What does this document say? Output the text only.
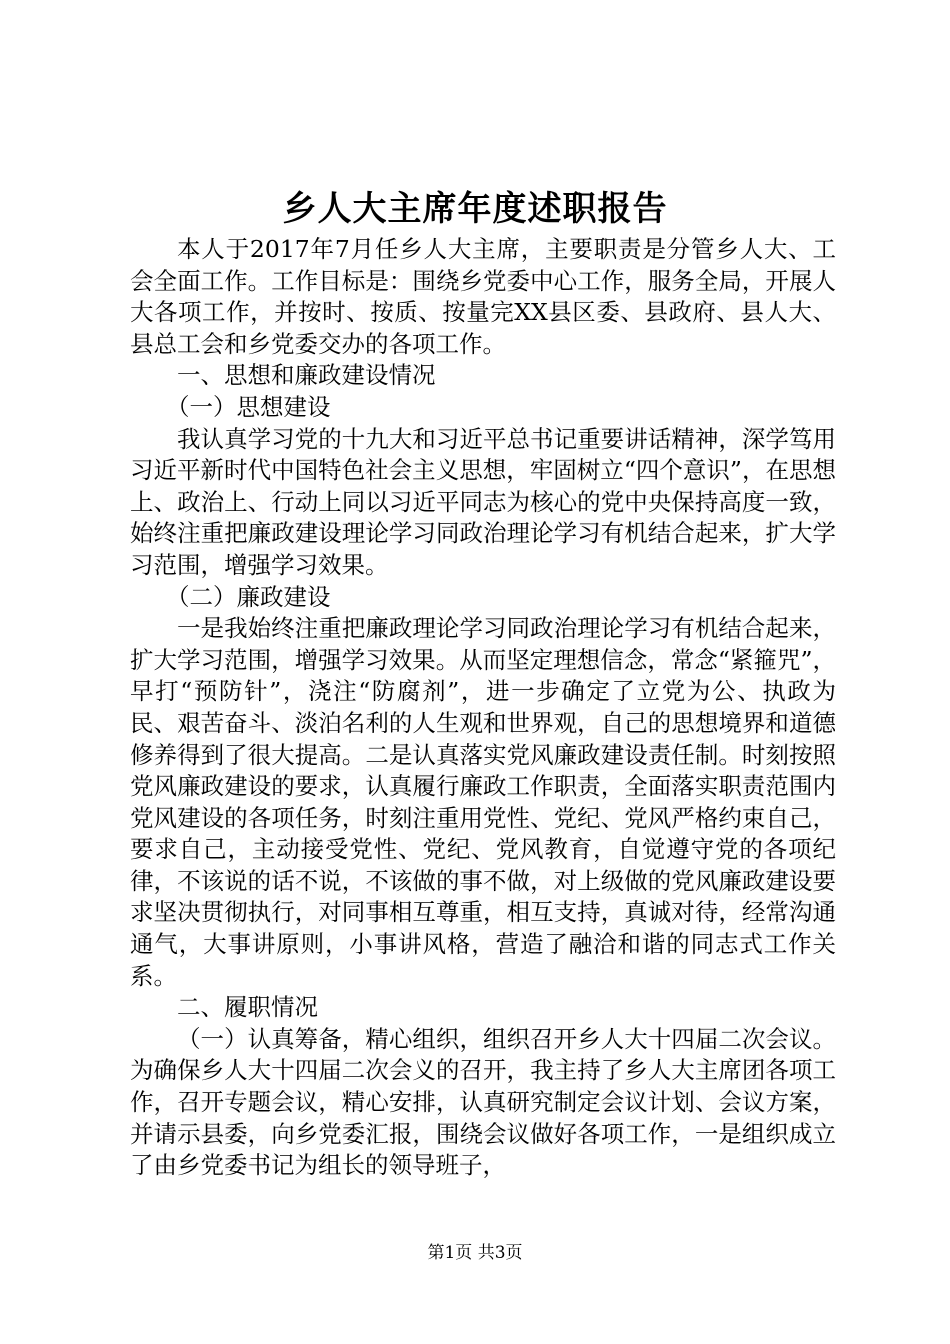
乡人大主席年度述职报告

本人于2017年7月任乡人大主席，主要职责是分管乡人大、工会全面工作。工作目标是：围绕乡党委中心工作，服务全局，开展人大各项工作，并按时、按质、按量完XX县区委、县政府、县人大、县总工会和乡党委交办的各项工作。

一、思想和廉政建设情况

（一）思想建设

我认真学习党的十九大和习近平总书记重要讲话精神，深学笃用习近平新时代中国特色社会主义思想，牢固树立“四个意识”，在思想上、政治上、行动上同以习近平同志为核心的党中央保持高度一致，始终注重把廉政建设理论学习同政治理论学习有机结合起来，扩大学习范围，增强学习效果。

（二）廉政建设

一是我始终注重把廉政理论学习同政治理论学习有机结合起来，扩大学习范围，增强学习效果。从而坚定理想信念，常念“紧箍咒”，早打“预防针”，浇注“防腐剂”，进一步确定了立党为公、执政为民、艰苦奋斗、淡泊名利的人生观和世界观，自己的思想境界和道德修养得到了很大提高。二是认真落实党风廉政建设责任制。时刻按照党风廉政建设的要求，认真履行廉政工作职责，全面落实职责范围内党风建设的各项任务，时刻注重用党性、党纪、党风严格约束自己，要求自己，主动接受党性、党纪、党风教育，自觉遵守党的各项纪律，不该说的话不说，不该做的事不做，对上级做的党风廉政建设要求坚决贯彻执行，对同事相互尊重，相互支持，真诚对待，经常沟通通气，大事讲原则，小事讲风格，营造了融洽和谐的同志式工作关系。

二、履职情况

（一）认真筹备，精心组织，组织召开乡人大十四届二次会议。为确保乡人大十四届二次会义的召开，我主持了乡人大主席团各项工作，召开专题会议，精心安排，认真研究制定会议计划、会议方案，并请示县委，向乡党委汇报，围绕会议做好各项工作，一是组织成立了由乡党委书记为组长的领导班子，

第1页 共3页
